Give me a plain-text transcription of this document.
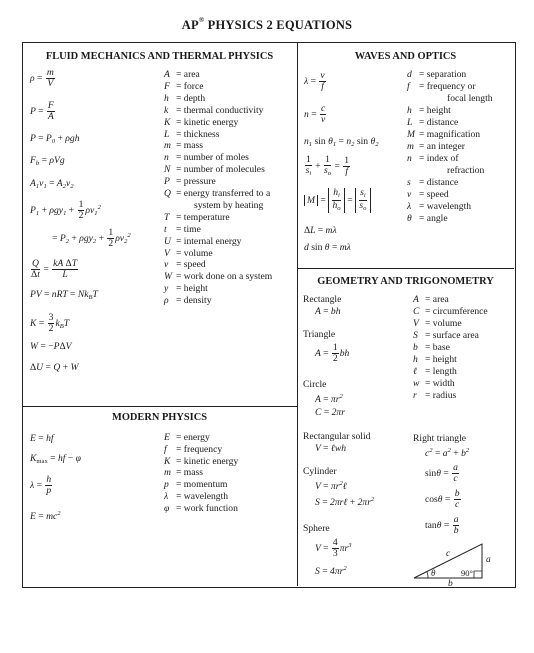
AP® PHYSICS 2 EQUATIONS
FLUID MECHANICS AND THERMAL PHYSICS	WAVES AND OPTICS
MODERN PHYSICS
GEOMETRY AND TRIGONOMETRY
$\rho = \frac{m}{V}$
$P = \frac{F}{A}$
$P = P_0 + \rho gh$
$F_b = \rho Vg$
$A_1v_1 = A_2v_2$
$P_1 + \rho gy_1 + \frac{1}{2} \rho v_1^2$
= $P_2 + \rho gy_2 + \frac{1}{2} \rho v_2^2$
$\frac{Q}{\Delta t} = \frac{\text{kA ΔT}}{L}$
PV = nRT = $Nk_BT$
$K = \frac{3}{2} k_BT$
W = −PΔV
ΔU = Q + W
A = area
F = force
h = depth
k = thermal conductivity
K = kinetic energy
L = thickness
m = mass
n = number of moles
N = number of molecules
P = pressure
Q = energy transferred to a
system by heating
T = temperature
t = time
U = internal energy
V = volume
v = speed
W = work done on a system
y = height
ρ = density
$\lambda = \frac{v}{f}$
$n = \frac{c}{v}$
$n_1$ $\sin \theta_1 = n_2$ $\sin \theta_2$
$\frac{1}{s_i} + \frac{1}{s_o} = \frac{1}{f}$
$M = \frac{h_i}{h_o} = \frac{s_i}{s_o}$
ΔL = mλ
d sin θ = mλ
d = separation
f = frequency or
focal length
h = height
L = distance
M = magnification
m = an integer
n = index of
refraction
s = distance
v = speed
λ = wavelength
θ = angle
E = hf
$K_{max}$ = hf − φ
$\lambda = \frac{h}{p}$
$E = mc^2$
E = energy
f = frequency
K = kinetic energy
m = mass
p = momentum
λ = wavelength
φ = work function
Rectangle
A = bh
Triangle
$A = \frac{1}{2}$ bh
Circle
$A = \pi r^2$
C = 2πr
Rectangular solid
V = ℓwh
Cylinder
$V = \pi r^2\ell$
S = 2πrℓ + $2\pi r^2$
Sphere
$V = \frac{4}{3} \pi r^3$
$S = 4\pi r^2$
Right triangle
$c^2 = a^2 + b^2$
$\sin\theta = \frac{a}{c}$
$\cos\theta = \frac{b}{c}$
$\tan\theta = \frac{a}{b}$
c
a
b
θ	90°
A = area
C = circumference
V = volume
S = surface area
b = base
h = height
ℓ = length
w = width
r = radius
